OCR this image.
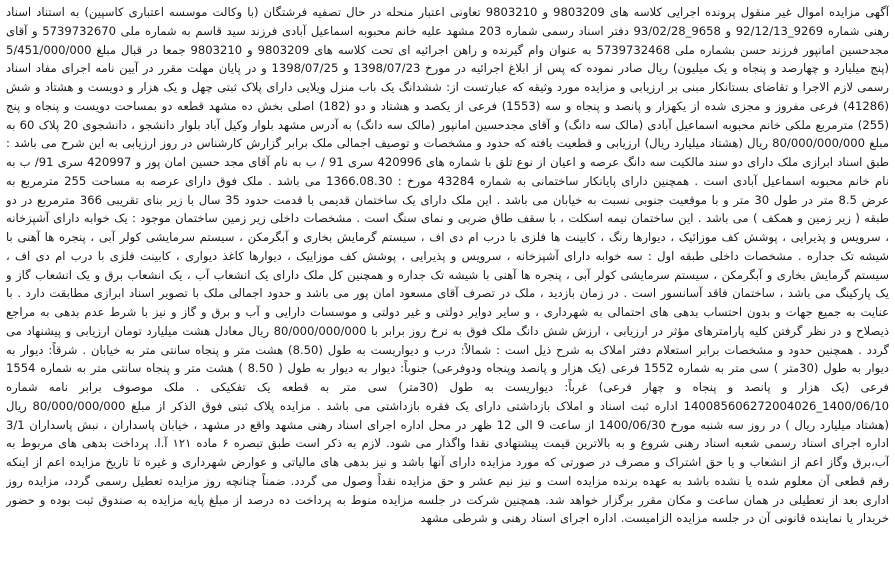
آگهی مزایده اموال غیر منقول پرونده اجرایی کلاسه های 9803209 و 9803210 تعاونی اعتبار منحله در حال تصفیه فرشتگان (با وکالت موسسه اعتباری کاسپین) به استناد اسناد رهنی شماره 9269_92/12/13 و 9658_93/02/28 دفتر اسناد رسمی شماره 203 مشهد علیه خانم محبوبه اسماعیل آبادی فرزند سید قاسم به شماره ملی 5739732670 و آقای مجدحسین امانپور فرزند حسن بشماره ملی 5739732468 به عنوان وام گیرنده و راهن اجرائیه ای تحت کلاسه های 9803209 و 9803210 جمعا در قبال مبلغ 5/451/000/000 (پنج میلیارد و چهارصد و پنجاه و یک میلیون) ریال صادر نموده که پس از ابلاغ اجرائیه در مورخ 1398/07/23 و 1398/07/25 و در پایان مهلت مقرر در آیین نامه اجرای مفاد اسناد رسمی لازم الاجرا و تقاضای بستانکار مبنی بر ارزیابی و مزایده مورد وثیقه که عبارتست از: ششدانگ یک باب منزل ویلایی دارای پلاک ثبتی چهل و یک هزار و دویست و هشتاد و شش (41286) فرعی مفروز و مجزی شده از یکهزار و پانصد و پنجاه و سه (1553) فرعی از یکصد و هشتاد و دو (182) اصلی بخش ده مشهد قطعه دو بمساحت دویست و پنجاه و پنج (255) مترمربع ملکی خانم محبوبه اسماعیل آبادی (مالک سه دانگ) و آقای مجدحسین امانپور (مالک سه دانگ) به آدرس مشهد بلوار وکیل آباد بلوار دانشجو ، دانشجوی 20 پلاک 60 به مبلغ 80/000/000/000 ریال (هشتاد میلیارد ریال) ارزیابی و قطعیت یافته که حدود و مشخصات و توصیف اجمالی ملک برابر گزارش کارشناس در روز ارزیابی به این شرح می باشد : طبق اسناد ابرازی ملک دارای دو سند مالکیت سه دانگ عرصه و اعیان از نوع تلق با شماره های 420996 سری 91 / ب به نام آقای مجد حسین امان پور و 420997 سری 91/ ب به نام خانم محبوبه اسماعیل آبادی است . همچنین دارای پایانکار ساختمانی به شماره 43284 مورخ : 1366.08.30 می باشد . ملک فوق دارای عرصه به مساحت 255 مترمربع به عرض 8.5 متر در طول 30 متر و با موقعیت جنوبی نسبت به خیابان می باشد . این ملک دارای یک ساختمان قدیمی با قدمت حدود 35 سال با زیر بنای تقریبی 366 مترمربع در دو طبقه ( زیر زمین و همکف ) می باشد . این ساختمان نیمه اسکلت ، با سقف طاق ضربی و نمای سنگ است . مشخصات داخلی زیر زمین ساختمان موجود : یک خوابه دارای آشپزخانه ، سرویس و پذیرایی ، پوشش کف موزائیک ، دیوارها رنگ ، کابینت ها فلزی با درب ام دی اف ، سیستم گرمایش بخاری و آبگرمکن ، سیستم سرمایشی کولر آبی ، پنجره ها آهنی با شیشه تک جداره . مشخصات داخلی طبقه اول : سه خوابه دارای آشپزخانه ، سرویس و پذیرایی ، پوشش کف موزاییک ، دیوارها کاغذ دیواری ، کابینت فلزی با درب ام دی اف ، سیستم گرمایش بخاری و آبگرمکن ، سیستم سرمایشی کولر آبی ، پنجره ها آهنی با شیشه تک جداره و همچنین کل ملک دارای یک انشعاب آب ، یک انشعاب برق و یک انشعاب گاز و یک پارکینگ می باشد ، ساختمان فاقد آسانسور است . در زمان بازدید ، ملک در تصرف آقای مسعود امان پور می باشد و حدود اجمالی ملک با تصویر اسناد ابرازی مطابقت دارد . با عنایت به جمیع جهات و بدون احتساب بدهی های احتمالی به شهرداری ، و سایر دوایر دولتی و غیر دولتی و موسسات دارایی و آب و برق و گاز و نیز با شرط عدم بدهی به مراجع ذیصلاح و در نظر گرفتن کلیه پارامترهای مؤثر در ارزیابی ، ارزش شش دانگ ملک فوق به نرخ روز برابر با 80/000/000/000 ریال معادل هشت میلیارد تومان ارزیابی و پیشنهاد می گردد . همچنین حدود و مشخصات برابر استعلام دفتر املاک به شرح ذیل است : شمالاً: درب و دیواریست به طول (8.50) هشت متر و پنجاه سانتی متر به خیابان . شرقاً: دیوار به دیوار به طول (30متر ) سی متر به شماره 1552 فرعی (یک هزار و پانصد وپنجاه ودوفرعی) جنوباً: دیوار به دیوار به طول ( 8.50 ) هشت متر و پنجاه سانتی متر به شماره 1554 فرعی (یک هزار و پانصد و پنجاه و چهار فرعی) غرباً: دیواریست به طول (30متر) سی متر به قطعه یک تفکیکی . ملک موصوف برابر نامه شماره 1400/06/10_140085606272004026 اداره ثبت اسناد و املاک بازداشتی دارای یک فقره بازداشتی می باشد . مزایده پلاک ثبتی فوق الذکر از مبلغ 80/000/000/000 ریال (هشتاد میلیارد ریال ) در روز سه شنبه مورخ 1400/06/30 از ساعت 9 الی 12 ظهر در محل اداره اجرای اسناد رهنی مشهد واقع در مشهد ، خیابان پاسداران ، نبش پاسداران 3/1 اداره اجرای اسناد رسمی شعبه اسناد رهنی شروع و به بالاترین قیمت پیشنهادی نقدا واگذار می شود. لازم به ذکر است طبق تبصره ۶ ماده ۱۲۱ آ.ا. پرداخت بدهی های مربوط به آب،برق وگاز اعم از انشعاب و یا حق اشتراک و مصرف در صورتی که مورد مزایده دارای آنها باشد و نیز بدهی های مالیاتی و عوارض شهرداری و غیره تا تاریخ مزایده اعم از اینکه رقم قطعی آن معلوم شده یا نشده باشد به عهده برنده مزایده است و نیز نیم عشر و حق مزایده نقداً وصول می گردد. ضمناً چنانچه روز مزایده تعطیل رسمی گردد، مزایده روز اداری بعد از تعطیلی در همان ساعت و مکان مقرر برگزار خواهد شد. همچنین شرکت در جلسه مزایده منوط به پرداخت ده درصد از مبلغ پایه مزایده به صندوق ثبت بوده و حضور خریدار یا نماینده قانونی آن در جلسه مزایده الزامیست. اداره اجرای اسناد رهنی و شرطی مشهد
